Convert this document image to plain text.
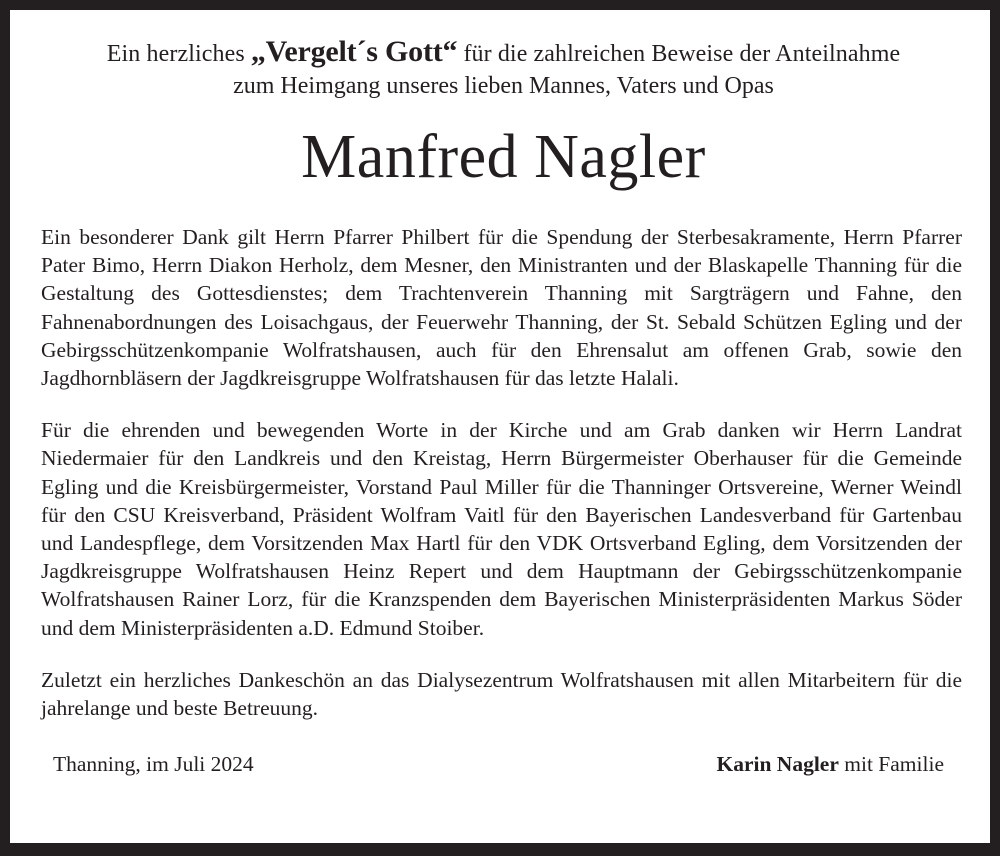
Ein herzliches „Vergelt´s Gott“ für die zahlreichen Beweise der Anteilnahme
zum Heimgang unseres lieben Mannes, Vaters und Opas
Manfred Nagler

Ein besonderer Dank gilt Herrn Pfarrer Philbert für die Spendung der Sterbesakramente, Herrn Pfarrer Pater Bimo, Herrn Diakon Herholz, dem Mesner, den Ministranten und der Blaskapelle Thanning für die Gestaltung des Gottesdienstes; dem Trachtenverein Thanning mit Sargträgern und Fahne, den Fahnenabordnungen des Loisachgaus, der Feuerwehr Thanning, der St. Sebald Schützen Egling und der Gebirgsschützenkompanie Wolfratshausen, auch für den Ehrensalut am offenen Grab, sowie den Jagdhornbläsern der Jagdkreisgruppe Wolfratshausen für das letzte Halali.

Für die ehrenden und bewegenden Worte in der Kirche und am Grab danken wir Herrn Landrat Niedermaier für den Landkreis und den Kreistag, Herrn Bürgermeister Oberhauser für die Gemeinde Egling und die Kreisbürgermeister, Vorstand Paul Miller für die Thanninger Ortsvereine, Werner Weindl für den CSU Kreisverband, Präsident Wolfram Vaitl für den Bayerischen Landesverband für Gartenbau und Landespflege, dem Vorsitzenden Max Hartl für den VDK Ortsverband Egling, dem Vorsitzenden der Jagdkreisgruppe Wolfratshausen Heinz Repert und dem Hauptmann der Gebirgsschützenkompanie Wolfratshausen Rainer Lorz, für die Kranzspenden dem Bayerischen Ministerpräsidenten Markus Söder und dem Ministerpräsidenten a.D. Edmund Stoiber.

Zuletzt ein herzliches Dankeschön an das Dialysezentrum Wolfratshausen mit allen Mitarbeitern für die jahrelange und beste Betreuung.

Thanning, im Juli 2024	Karin Nagler mit Familie
